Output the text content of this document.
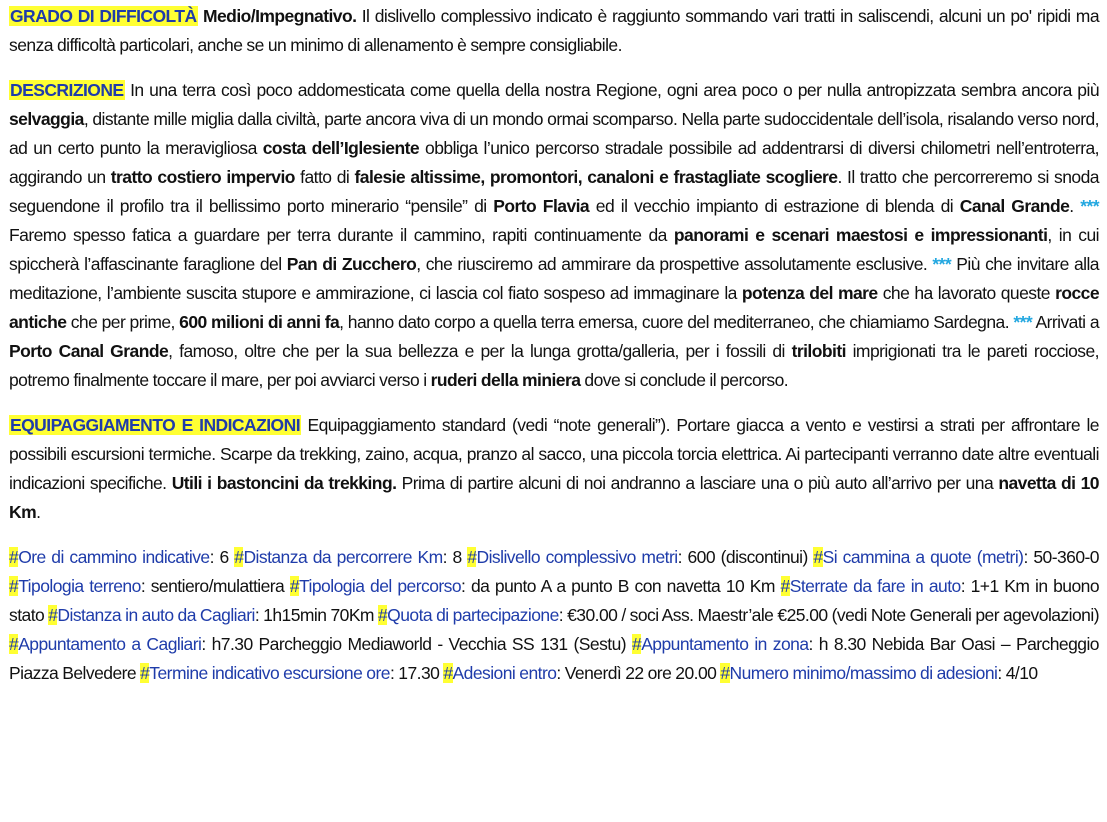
GRADO DI DIFFICOLTÀ Medio/Impegnativo. Il dislivello complessivo indicato è raggiunto sommando vari tratti in saliscendi, alcuni un po' ripidi ma senza difficoltà particolari, anche se un minimo di allenamento è sempre consigliabile.

DESCRIZIONE In una terra così poco addomesticata come quella della nostra Regione, ogni area poco o per nulla antropizzata sembra ancora più selvaggia, distante mille miglia dalla civiltà, parte ancora viva di un mondo ormai scomparso. Nella parte sudoccidentale dell’isola, risalando verso nord, ad un certo punto la meravigliosa costa dell’Iglesiente obbliga l’unico percorso stradale possibile ad addentrarsi di diversi chilometri nell’entroterra, aggirando un tratto costiero impervio fatto di falesie altissime, promontori, canaloni e frastagliate scogliere. Il tratto che percorreremo si snoda seguendone il profilo tra il bellissimo porto minerario “pensile” di Porto Flavia ed il vecchio impianto di estrazione di blenda di Canal Grande. *** Faremo spesso fatica a guardare per terra durante il cammino, rapiti continuamente da panorami e scenari maestosi e impressionanti, in cui spiccherà l’affascinante faraglione del Pan di Zucchero, che riusciremo ad ammirare da prospettive assolutamente esclusive. *** Più che invitare alla meditazione, l’ambiente suscita stupore e ammirazione, ci lascia col fiato sospeso ad immaginare la potenza del mare che ha lavorato queste rocce antiche che per prime, 600 milioni di anni fa, hanno dato corpo a quella terra emersa, cuore del mediterraneo, che chiamiamo Sardegna. *** Arrivati a Porto Canal Grande, famoso, oltre che per la sua bellezza e per la lunga grotta/galleria, per i fossili di trilobiti imprigionati tra le pareti rocciose, potremo finalmente toccare il mare, per poi avviarci verso i ruderi della miniera dove si conclude il percorso.

EQUIPAGGIAMENTO E INDICAZIONI Equipaggiamento standard (vedi “note generali”). Portare giacca a vento e vestirsi a strati per affrontare le possibili escursioni termiche. Scarpe da trekking, zaino, acqua, pranzo al sacco, una piccola torcia elettrica. Ai partecipanti verranno date altre eventuali indicazioni specifiche. Utili i bastoncini da trekking. Prima di partire alcuni di noi andranno a lasciare una o più auto all’arrivo per una navetta di 10 Km.

#Ore di cammino indicative: 6 #Distanza da percorrere Km: 8 #Dislivello complessivo metri: 600 (discontinui) #Si cammina a quote (metri): 50-360-0 #Tipologia terreno: sentiero/mulattiera #Tipologia del percorso: da punto A a punto B con navetta 10 Km #Sterrate da fare in auto: 1+1 Km in buono stato #Distanza in auto da Cagliari: 1h15min 70Km #Quota di partecipazione: €30.00 / soci Ass. Maestr’ale €25.00 (vedi Note Generali per agevolazioni) #Appuntamento a Cagliari: h7.30 Parcheggio Mediaworld - Vecchia SS 131 (Sestu) #Appuntamento in zona: h 8.30 Nebida Bar Oasi – Parcheggio Piazza Belvedere #Termine indicativo escursione ore: 17.30 #Adesioni entro: Venerdì 22 ore 20.00 #Numero minimo/massimo di adesioni: 4/10
